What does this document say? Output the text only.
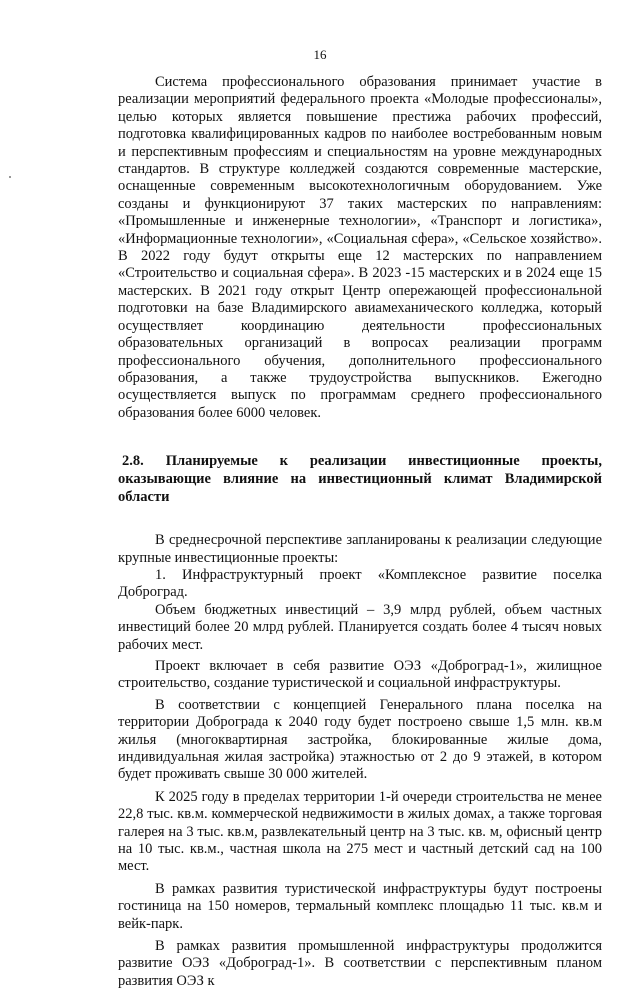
16

Система профессионального образования принимает участие в реализации мероприятий федерального проекта «Молодые профессионалы», целью которых является повышение престижа рабочих профессий, подготовка квалифицированных кадров по наиболее востребованным новым и перспективным профессиям и специальностям на уровне международных стандартов. В структуре колледжей создаются современные мастерские, оснащенные современным высокотехнологичным оборудованием. Уже созданы и функционируют 37 таких мастерских по направлениям: «Промышленные и инженерные технологии», «Транспорт и логистика», «Информационные технологии», «Социальная сфера», «Сельское хозяйство». В 2022 году будут открыты еще 12 мастерских по направлением «Строительство и социальная сфера». В 2023 -15 мастерских и в 2024 еще 15 мастерских. В 2021 году открыт Центр опережающей профессиональной подготовки на базе Владимирского авиамеханического колледжа, который осуществляет координацию деятельности профессиональных образовательных организаций в вопросах реализации программ профессионального обучения, дополнительного профессионального образования, а также трудоустройства выпускников. Ежегодно осуществляется выпуск по программам среднего профессионального образования более 6000 человек.

2.8. Планируемые к реализации инвестиционные проекты, оказывающие влияние на инвестиционный климат Владимирской области

В среднесрочной перспективе запланированы к реализации следующие крупные инвестиционные проекты:

1. Инфраструктурный проект «Комплексное развитие поселка Доброград.

Объем бюджетных инвестиций – 3,9 млрд рублей, объем частных инвестиций более 20 млрд рублей. Планируется создать более 4 тысяч новых рабочих мест.

Проект включает в себя развитие ОЭЗ «Доброград-1», жилищное строительство, создание туристической и социальной инфраструктуры.

В соответствии с концепцией Генерального плана поселка на территории Доброграда к 2040 году будет построено свыше 1,5 млн. кв.м жилья (многоквартирная застройка, блокированные жилые дома, индивидуальная жилая застройка) этажностью от 2 до 9 этажей, в котором будет проживать свыше 30 000 жителей.

К 2025 году в пределах территории 1-й очереди строительства не менее 22,8 тыс. кв.м. коммерческой недвижимости в жилых домах, а также торговая галерея на 3 тыс. кв.м, развлекательный центр на 3 тыс. кв. м, офисный центр на 10 тыс. кв.м., частная школа на 275 мест и частный детский сад на 100 мест.

В рамках развития туристической инфраструктуры будут построены гостиница на 150 номеров, термальный комплекс площадью 11 тыс. кв.м и вейк-парк.

В рамках развития промышленной инфраструктуры продолжится развитие ОЭЗ «Доброград-1». В соответствии с перспективным планом развития ОЭЗ к
